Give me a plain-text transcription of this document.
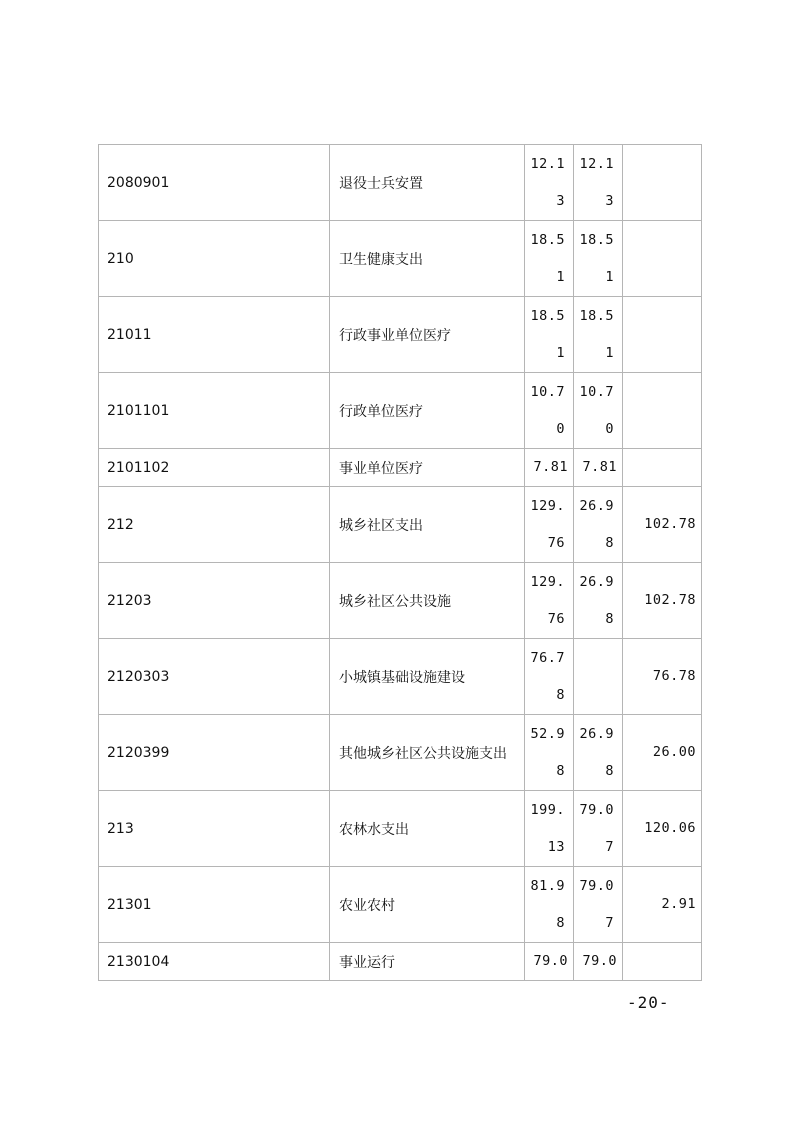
2080901	退役士兵安置	12.13	12.13	

210	卫生健康支出	18.51	18.51	

21011	行政事业单位医疗	18.51	18.51	

2101101	行政单位医疗	10.70	10.70	

2101102	事业单位医疗	7.81	7.81	

212	城乡社区支出	129.76	26.98	102.78

21203	城乡社区公共设施	129.76	26.98	102.78

2120303	小城镇基础设施建设	76.78		76.78

2120399	其他城乡社区公共设施支出	52.98	26.98	26.00

213	农林水支出	199.13	79.07	120.06

21301	农业农村	81.98	79.07	2.91

2130104	事业运行	79.0	79.0	

-20-
